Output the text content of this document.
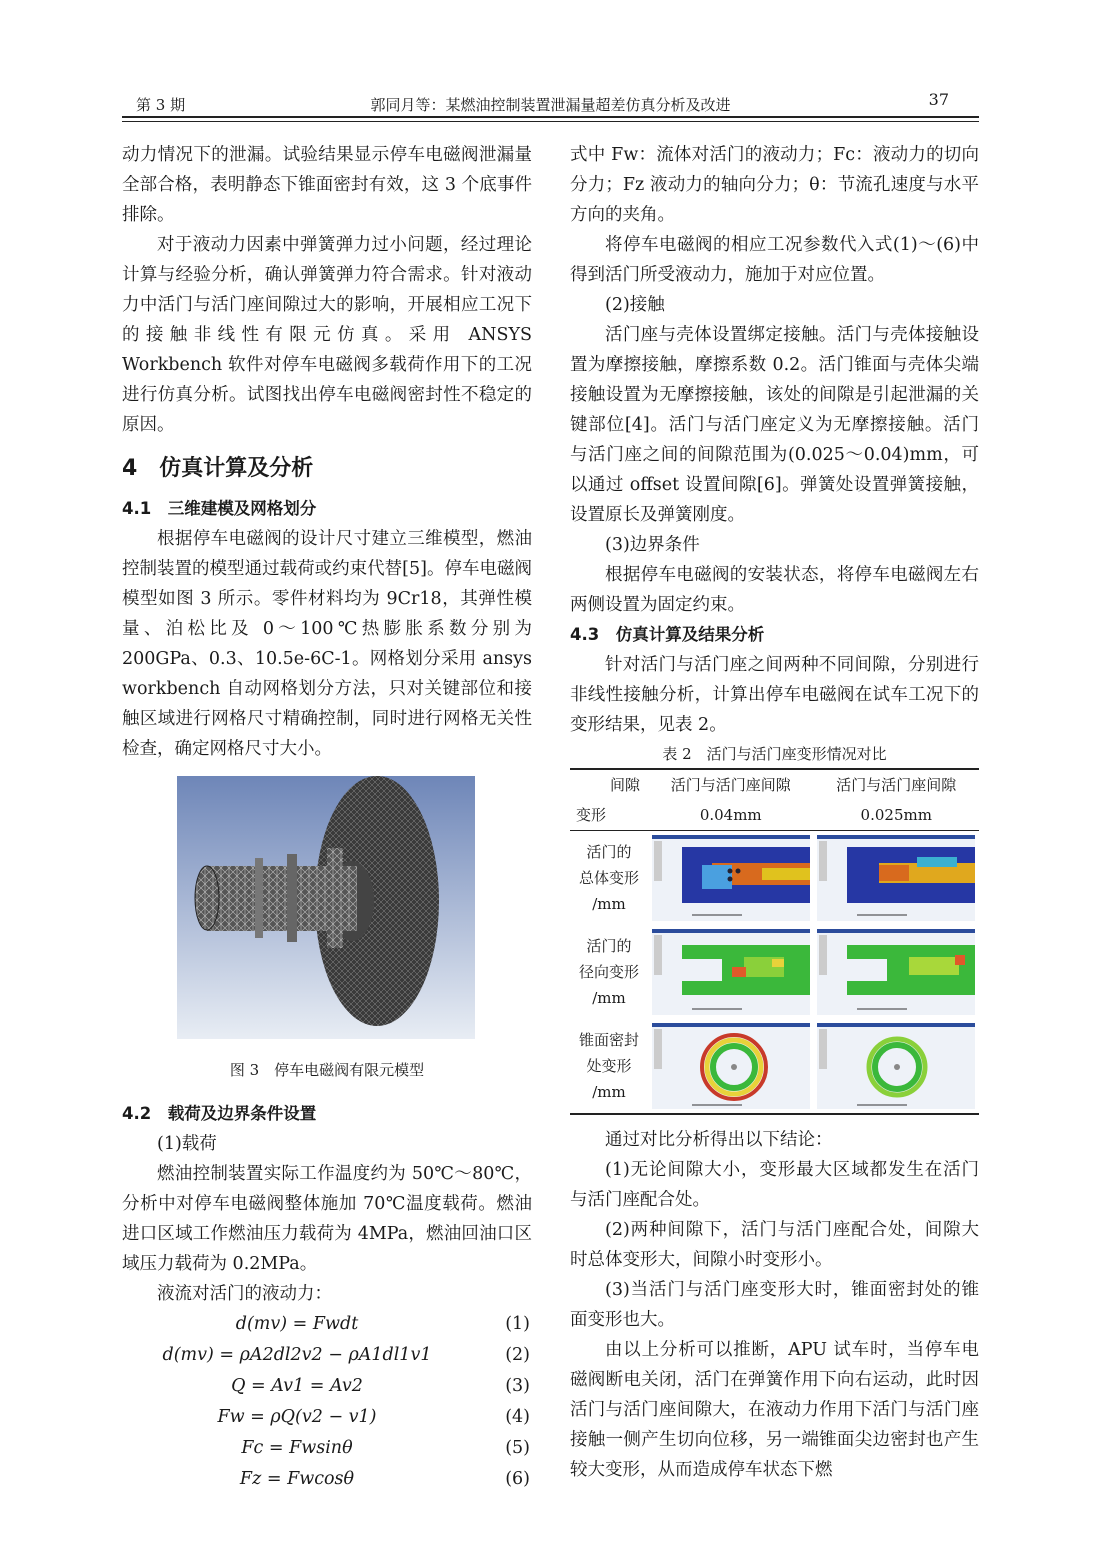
第 3 期	郭同月等：某燃油控制装置泄漏量超差仿真分析及改进	37

动力情况下的泄漏。试验结果显示停车电磁阀泄漏量全部合格，表明静态下锥面密封有效，这 3 个底事件排除。

对于液动力因素中弹簧弹力过小问题，经过理论计算与经验分析，确认弹簧弹力符合需求。针对液动力中活门与活门座间隙过大的影响，开展相应工况下的接触非线性有限元仿真。采用 ANSYS Workbench 软件对停车电磁阀多载荷作用下的工况进行仿真分析。试图找出停车电磁阀密封性不稳定的原因。

4　仿真计算及分析
4.1　三维建模及网格划分

根据停车电磁阀的设计尺寸建立三维模型，燃油控制装置的模型通过载荷或约束代替[5]。停车电磁阀模型如图 3 所示。零件材料均为 9Cr18，其弹性模量、泊松比及 0～100℃热膨胀系数分别为 200GPa、0.3、10.5e-6C-1。网格划分采用 ansys workbench 自动网格划分方法，只对关键部位和接触区域进行网格尺寸精确控制，同时进行网格无关性检查，确定网格尺寸大小。

图 3　停车电磁阀有限元模型
4.2　载荷及边界条件设置

(1)载荷

燃油控制装置实际工作温度约为 50℃～80℃，分析中对停车电磁阀整体施加 70℃温度载荷。燃油进口区域工作燃油压力载荷为 4MPa，燃油回油口区域压力载荷为 0.2MPa。

液流对活门的液动力：

d(mv) = Fwdt	(1)
d(mv) = ρA2dl2v2 − ρA1dl1v1	(2)
Q = Av1 = Av2	(3)
Fw = ρQ(v2 − v1)	(4)
Fc = Fwsinθ	(5)
Fz = Fwcosθ	(6)

式中 Fw：流体对活门的液动力；Fc：液动力的切向分力；Fz 液动力的轴向分力；θ：节流孔速度与水平方向的夹角。

将停车电磁阀的相应工况参数代入式(1)～(6)中得到活门所受液动力，施加于对应位置。

(2)接触

活门座与壳体设置绑定接触。活门与壳体接触设置为摩擦接触，摩擦系数 0.2。活门锥面与壳体尖端接触设置为无摩擦接触，该处的间隙是引起泄漏的关键部位[4]。活门与活门座定义为无摩擦接触。活门与活门座之间的间隙范围为(0.025～0.04)mm，可以通过 offset 设置间隙[6]。弹簧处设置弹簧接触，设置原长及弹簧刚度。

(3)边界条件

根据停车电磁阀的安装状态，将停车电磁阀左右两侧设置为固定约束。

4.3　仿真计算及结果分析

针对活门与活门座之间两种不同间隙，分别进行非线性接触分析，计算出停车电磁阀在试车工况下的变形结果，见表 2。

表 2　活门与活门座变形情况对比
间隙	活门与活门座间隙	活门与活门座间隙
变形	0.04mm	0.025mm

活门的
总体变形
/mm

活门的
径向变形
/mm

锥面密封
处变形
/mm

通过对比分析得出以下结论：

(1)无论间隙大小，变形最大区域都发生在活门与活门座配合处。

(2)两种间隙下，活门与活门座配合处，间隙大时总体变形大，间隙小时变形小。

(3)当活门与活门座变形大时，锥面密封处的锥面变形也大。

由以上分析可以推断，APU 试车时，当停车电磁阀断电关闭，活门在弹簧作用下向右运动，此时因活门与活门座间隙大，在液动力作用下活门与活门座接触一侧产生切向位移，另一端锥面尖边密封也产生较大变形，从而造成停车状态下燃
